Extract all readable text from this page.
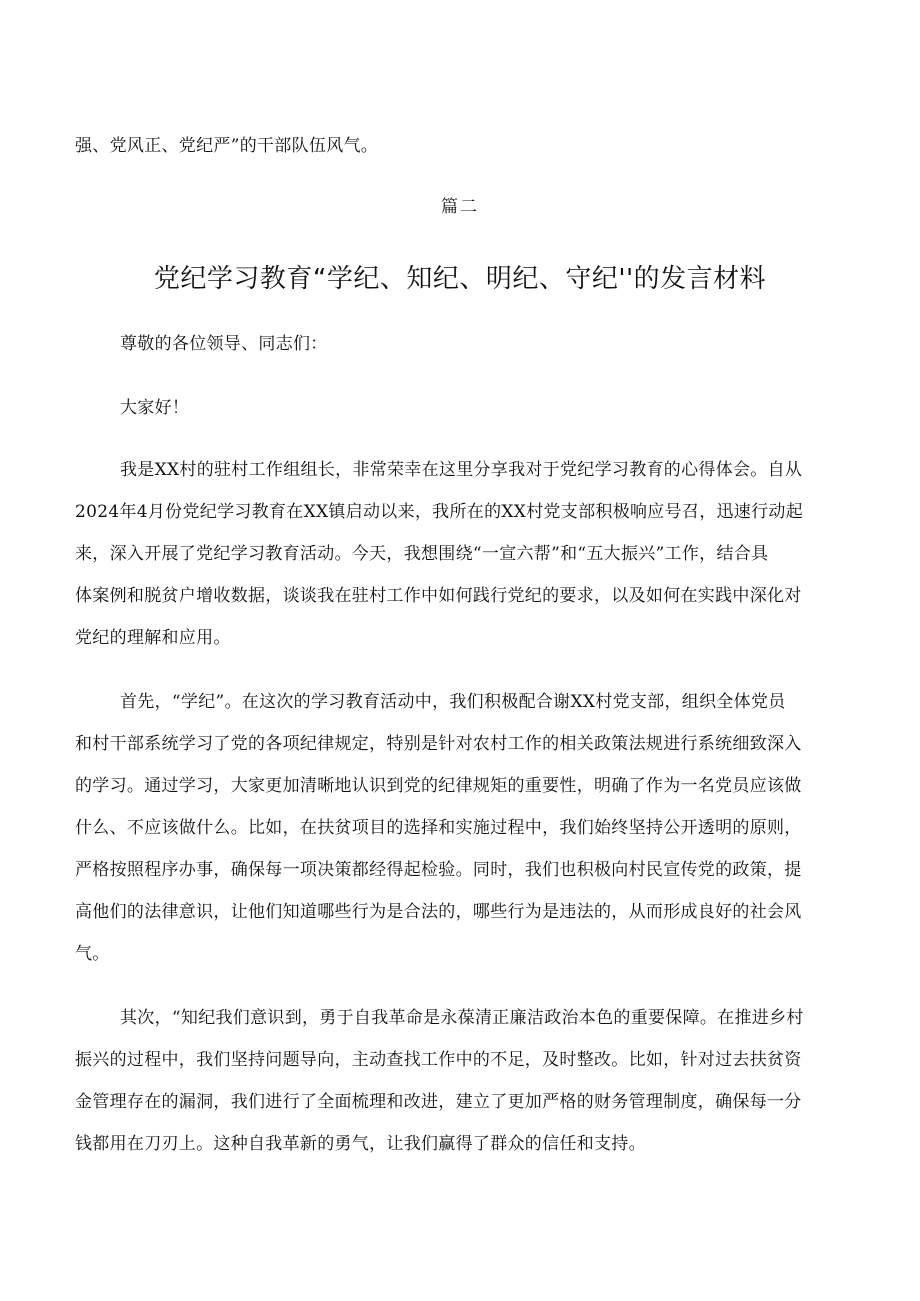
强、党风正、党纪严”的干部队伍风气。

篇二

党纪学习教育“学纪、知纪、明纪、守纪''的发言材料

尊敬的各位领导、同志们：

大家好！

我是XX村的驻村工作组组长，非常荣幸在这里分享我对于党纪学习教育的心得体会。自从

2024年4月份党纪学习教育在XX镇启动以来，我所在的XX村党支部积极响应号召，迅速行动起

来，深入开展了党纪学习教育活动。今天，我想围绕“一宣六帮”和“五大振兴”工作，结合具

体案例和脱贫户增收数据，谈谈我在驻村工作中如何践行党纪的要求，以及如何在实践中深化对

党纪的理解和应用。

首先，“学纪”。在这次的学习教育活动中，我们积极配合谢XX村党支部，组织全体党员

和村干部系统学习了党的各项纪律规定，特别是针对农村工作的相关政策法规进行系统细致深入

的学习。通过学习，大家更加清晰地认识到党的纪律规矩的重要性，明确了作为一名党员应该做

什么、不应该做什么。比如，在扶贫项目的选择和实施过程中，我们始终坚持公开透明的原则，

严格按照程序办事，确保每一项决策都经得起检验。同时，我们也积极向村民宣传党的政策，提

高他们的法律意识，让他们知道哪些行为是合法的，哪些行为是违法的，从而形成良好的社会风

气。

其次，“知纪我们意识到，勇于自我革命是永葆清正廉洁政治本色的重要保障。在推进乡村

振兴的过程中，我们坚持问题导向，主动查找工作中的不足，及时整改。比如，针对过去扶贫资

金管理存在的漏洞，我们进行了全面梳理和改进，建立了更加严格的财务管理制度，确保每一分

钱都用在刀刃上。这种自我革新的勇气，让我们赢得了群众的信任和支持。
